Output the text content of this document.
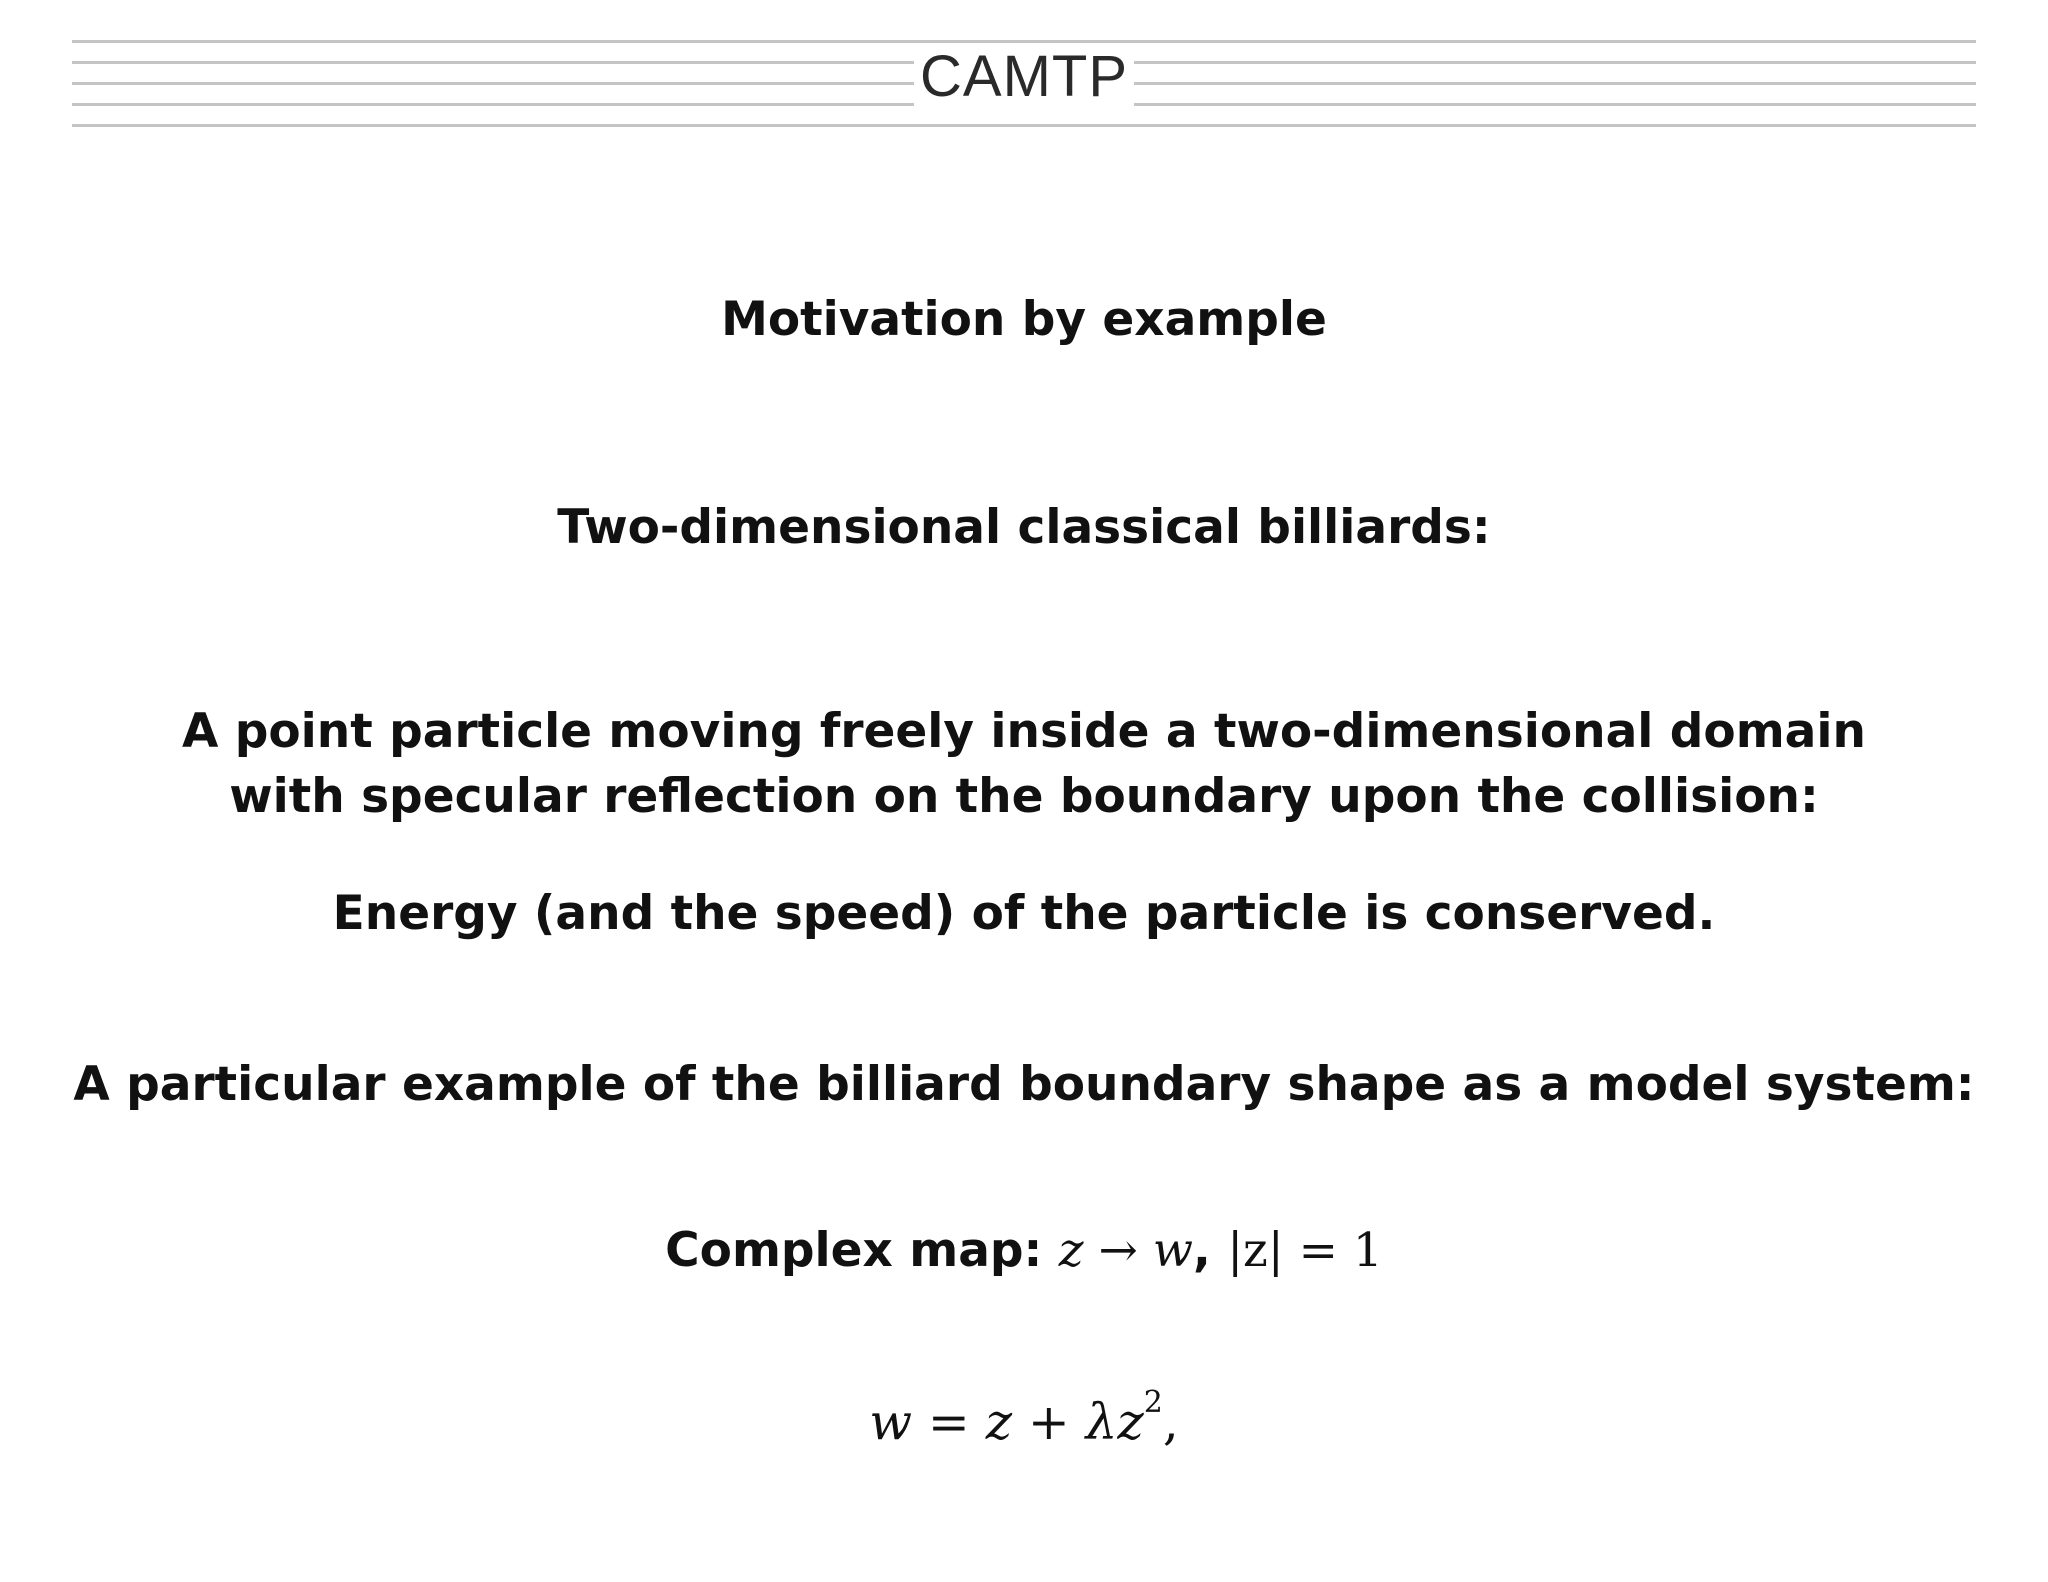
CAMTP
Motivation by example
Two-dimensional classical billiards:
A point particle moving freely inside a two-dimensional domain
with specular reflection on the boundary upon the collision:
Energy (and the speed) of the particle is conserved.
A particular example of the billiard boundary shape as a model system:
Complex map: z → w, |z| = 1
$w = z + \lambda z^2$,
